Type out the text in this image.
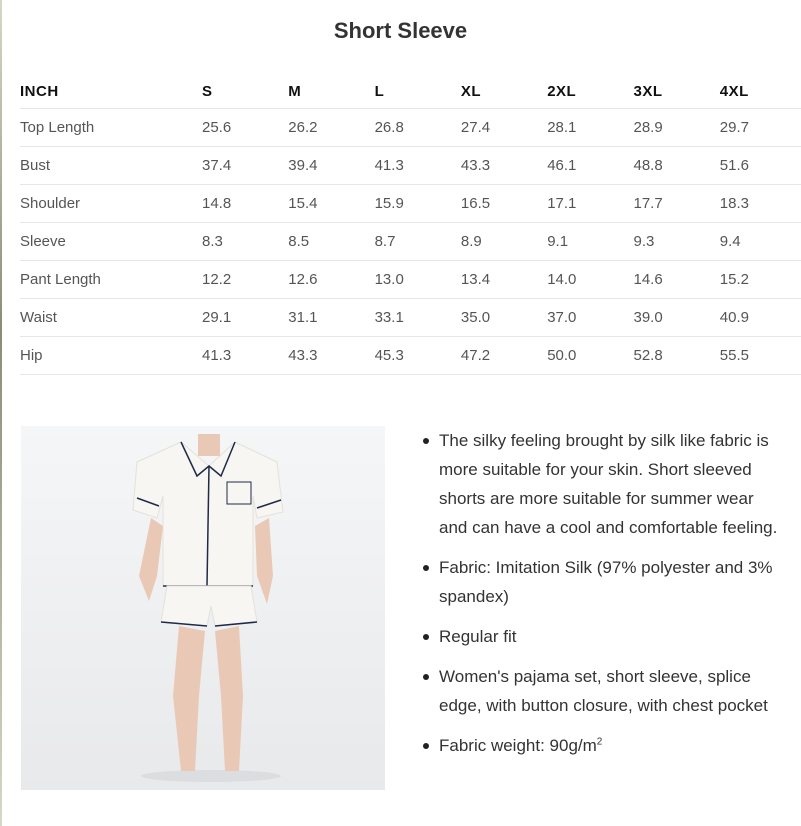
Short Sleeve
INCH	S	M	L	XL	2XL	3XL	4XL
Top Length	25.6	26.2	26.8	27.4	28.1	28.9	29.7
Bust	37.4	39.4	41.3	43.3	46.1	48.8	51.6
Shoulder	14.8	15.4	15.9	16.5	17.1	17.7	18.3
Sleeve	8.3	8.5	8.7	8.9	9.1	9.3	9.4
Pant Length	12.2	12.6	13.0	13.4	14.0	14.6	15.2
Waist	29.1	31.1	33.1	35.0	37.0	39.0	40.9
Hip	41.3	43.3	45.3	47.2	50.0	52.8	55.5
The silky feeling brought by silk like fabric is more suitable for your skin. Short sleeved shorts are more suitable for summer wear and can have a cool and comfortable feeling.
Fabric: Imitation Silk (97% polyester and 3% spandex)
Regular fit
Women's pajama set, short sleeve, splice edge, with button closure, with chest pocket
Fabric weight: $90g/m^2$
